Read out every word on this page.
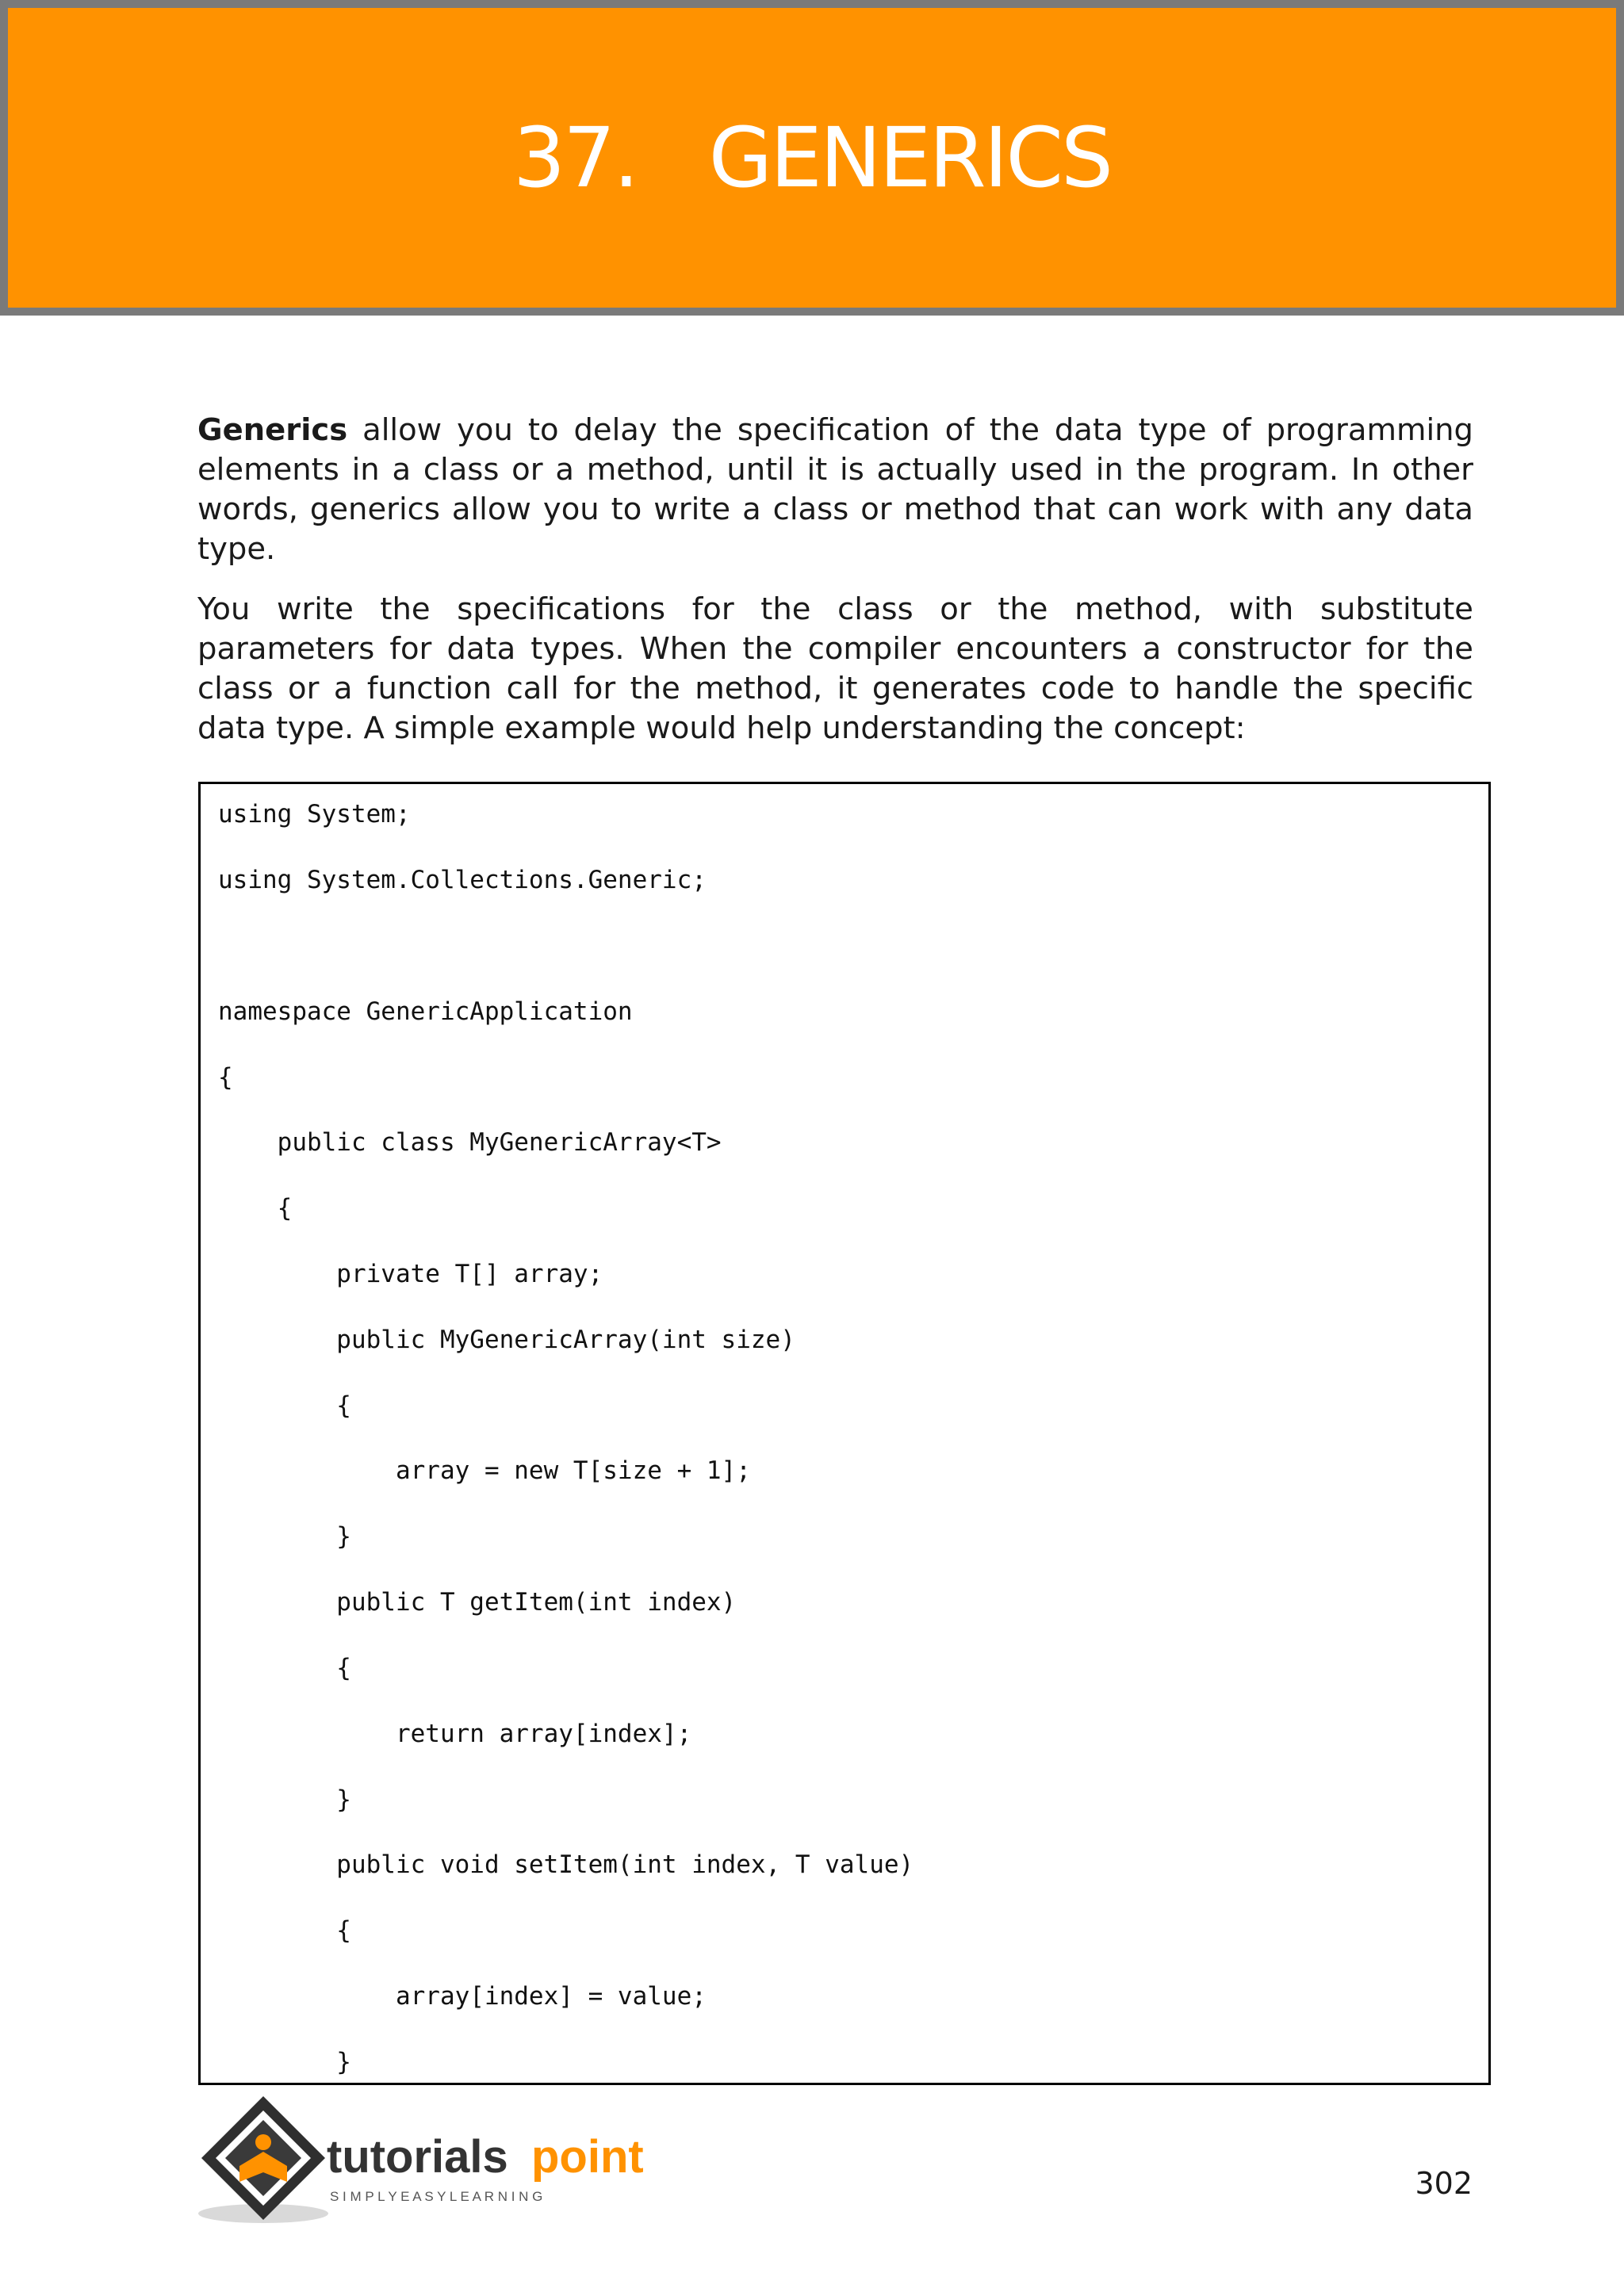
37.   GENERICS

Generics allow you to delay the specification of the data type of programming elements in a class or a method, until it is actually used in the program. In other words, generics allow you to write a class or method that can work with any data type.

You write the specifications for the class or the method, with substitute parameters for data types. When the compiler encounters a constructor for the class or a function call for the method, it generates code to handle the specific data type. A simple example would help understanding the concept:

using System;
using System.Collections.Generic;
namespace GenericApplication
{
public class MyGenericArray<T>
{
private T[] array;
public MyGenericArray(int size)
{
array = new T[size + 1];
}
public T getItem(int index)
{
return array[index];
}
public void setItem(int index, T value)
{
array[index] = value;
}
tutorials point
S I M P L Y E A S Y L E A R N I N G	302
